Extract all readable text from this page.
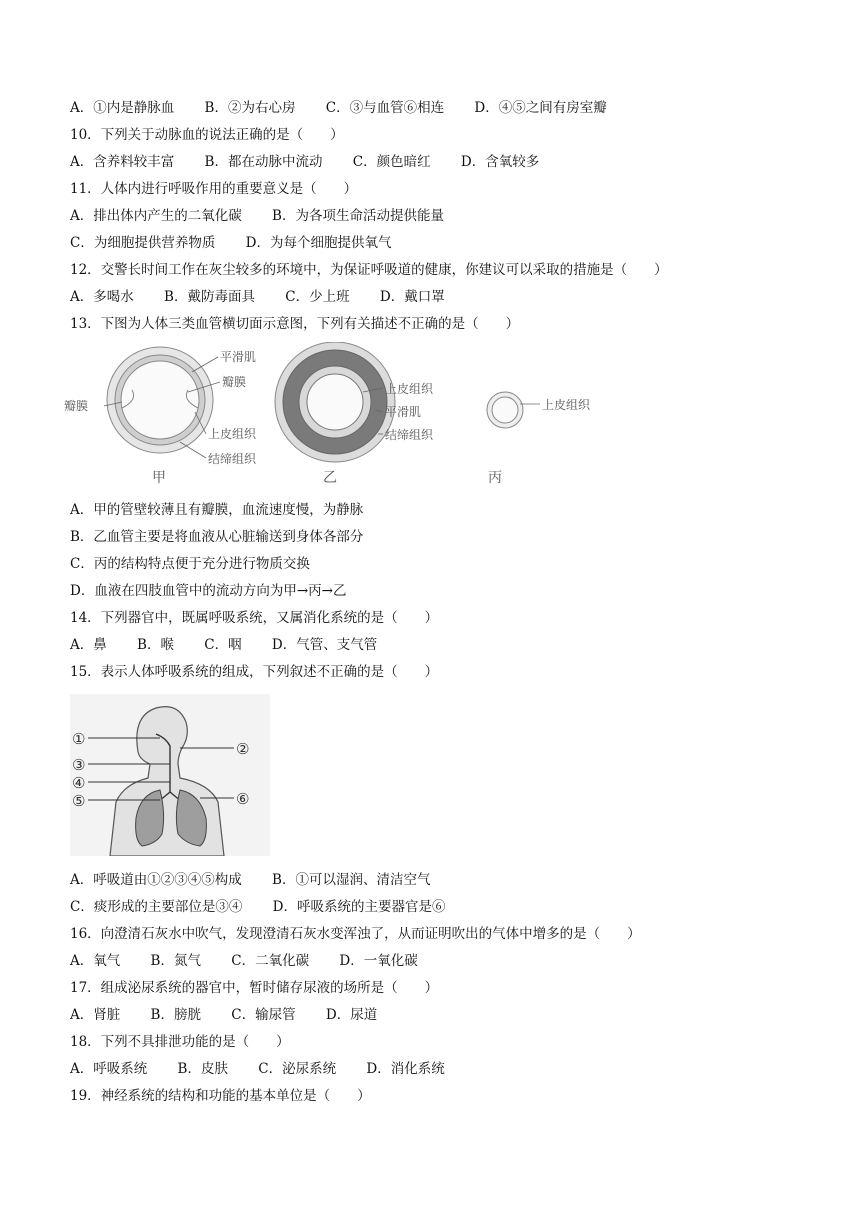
A．①内是静脉血 B．②为右心房 C．③与血管⑥相连 D．④⑤之间有房室瓣
10．下列关于动脉血的说法正确的是（　　）
A．含养料较丰富 B．都在动脉中流动 C．颜色暗红 D．含氧较多
11．人体内进行呼吸作用的重要意义是（　　）
A．排出体内产生的二氧化碳 B．为各项生命活动提供能量
C．为细胞提供营养物质 D．为每个细胞提供氧气
12．交警长时间工作在灰尘较多的环境中，为保证呼吸道的健康，你建议可以采取的措施是（　　）
A．多喝水 B．戴防毒面具 C．少上班 D．戴口罩
13．下图为人体三类血管横切面示意图，下列有关描述不正确的是（　　）
平滑肌
瓣膜
瓣膜
上皮组织
结缔组织
甲
上皮组织
平滑肌
结缔组织
乙
上皮组织
丙
A．甲的管壁较薄且有瓣膜，血流速度慢，为静脉
B．乙血管主要是将血液从心脏输送到身体各部分
C．丙的结构特点便于充分进行物质交换
D．血液在四肢血管中的流动方向为甲→丙→乙
14．下列器官中，既属呼吸系统，又属消化系统的是（　　）
A．鼻 B．喉 C．咽 D．气管、支气管
15．表示人体呼吸系统的组成，下列叙述不正确的是（　　）
①
②
③
④
⑤	⑥
A．呼吸道由①②③④⑤构成 B．①可以湿润、清洁空气
C．痰形成的主要部位是③④ D．呼吸系统的主要器官是⑥
16．向澄清石灰水中吹气，发现澄清石灰水变浑浊了，从而证明吹出的气体中增多的是（　　）
A．氧气 B．氮气 C．二氧化碳 D．一氧化碳
17．组成泌尿系统的器官中，暂时储存尿液的场所是（　　）
A．肾脏 B．膀胱 C．输尿管 D．尿道
18．下列不具排泄功能的是（　　）
A．呼吸系统 B．皮肤 C．泌尿系统 D．消化系统
19．神经系统的结构和功能的基本单位是（　　）
